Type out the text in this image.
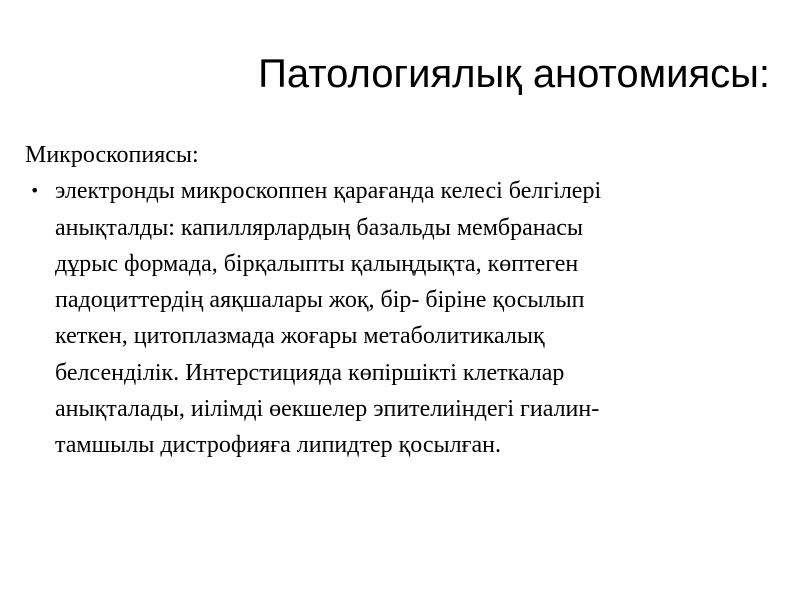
Патологиялық анотомиясы:
Микроскопиясы:
• электронды микроскоппен қарағанда келесі белгілері
анықталды: капиллярлардың базальды мембранасы
дұрыс формада, бірқалыпты қалыңдықта, көптеген
падоциттердің аяқшалары жоқ, бір- біріне қосылып
кеткен, цитоплазмада жоғары метаболитикалық
белсенділік. Интерстицияда көпіршікті клеткалар
анықталады, иілімді өекшелер эпителиіндегі гиалин-
тамшылы дистрофияға липидтер қосылған.
